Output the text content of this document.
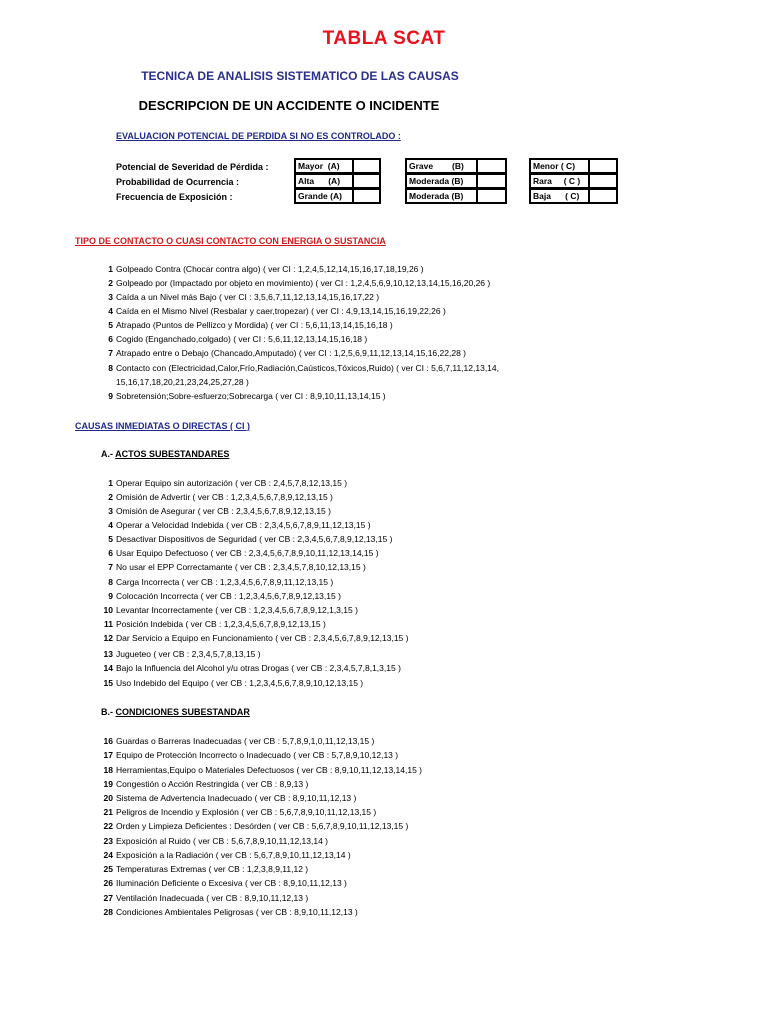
TABLA SCAT
TECNICA DE ANALISIS SISTEMATICO DE LAS CAUSAS
DESCRIPCION DE UN ACCIDENTE O INCIDENTE
EVALUACION POTENCIAL DE PERDIDA SI NO ES CONTROLADO :
Potencial de Severidad de Pérdida :	Mayor  (A)	Grave        (B)	Menor ( C)
Probabilidad de Ocurrencia :	Alta      (A)	Moderada (B)	Rara     ( C )
Frecuencia de Exposición :	Grande (A)	Moderada (B)	Baja      ( C)
TIPO DE CONTACTO O CUASI CONTACTO CON ENERGIA O SUSTANCIA
1 Golpeado Contra (Chocar contra algo) ( ver CI : 1,2,4,5,12,14,15,16,17,18,19,26 )
2 Golpeado por (Impactado por objeto en movimiento) ( ver CI : 1,2,4,5,6,9,10,12,13,14,15,16,20,26 )
3 Caída a un Nivel más Bajo ( ver CI : 3,5,6,7,11,12,13,14,15,16,17,22 )
4 Caída en el Mismo Nivel (Resbalar y caer,tropezar) ( ver CI : 4,9,13,14,15,16,19,22,26 )
5 Atrapado (Puntos de Pellizco y Mordida) ( ver CI : 5,6,11,13,14,15,16,18 )
6 Cogido (Enganchado,colgado) ( ver CI : 5,6,11,12,13,14,15,16,18 )
7 Atrapado entre o Debajo (Chancado,Amputado) ( ver CI : 1,2,5,6,9,11,12,13,14,15,16,22,28 )
8 Contacto con (Electricidad,Calor,Frío,Radiación,Caústicos,Tóxicos,Ruido) ( ver CI : 5,6,7,11,12,13,14,
15,16,17,18,20,21,23,24,25,27,28 )
9 Sobretensión;Sobre-esfuerzo;Sobrecarga ( ver CI : 8,9,10,11,13,14,15 )
CAUSAS INMEDIATAS O DIRECTAS ( CI )
A.- ACTOS SUBESTANDARES
1 Operar Equipo sin autorización ( ver CB : 2,4,5,7,8,12,13,15 )
2 Omisión de Advertir ( ver CB : 1,2,3,4,5,6,7,8,9,12,13,15 )
3 Omisión de Asegurar ( ver CB : 2,3,4,5,6,7,8,9,12,13,15 )
4 Operar a Velocidad Indebida ( ver CB : 2,3,4,5,6,7,8,9,11,12,13,15 )
5 Desactivar Dispositivos de Seguridad ( ver CB : 2,3,4,5,6,7,8,9,12,13,15 )
6 Usar Equipo Defectuoso ( ver CB : 2,3,4,5,6,7,8,9,10,11,12,13,14,15 )
7 No usar el EPP Correctamante ( ver CB : 2,3,4,5,7,8,10,12,13,15 )
8 Carga Incorrecta ( ver CB : 1,2,3,4,5,6,7,8,9,11,12,13,15 )
9 Colocación Incorrecta ( ver CB : 1,2,3,4,5,6,7,8,9,12,13,15 )
10 Levantar Incorrectamente ( ver CB : 1,2,3,4,5,6,7,8,9,12,1,3,15 )
11 Posición Indebida ( ver CB : 1,2,3,4,5,6,7,8,9,12,13,15 )
12 Dar Servicio a Equipo en Funcionamiento ( ver CB : 2,3,4,5,6,7,8,9,12,13,15 )
13 Jugueteo ( ver CB : 2,3,4,5,7,8,13,15 )
14 Bajo la Influencia del Alcohol y/u otras Drogas ( ver CB : 2,3,4,5,7,8,1,3,15 )
15 Uso Indebido del Equipo ( ver CB : 1,2,3,4,5,6,7,8,9,10,12,13,15 )
B.- CONDICIONES SUBESTANDAR
16 Guardas o Barreras Inadecuadas ( ver CB : 5,7,8,9,1,0,11,12,13,15 )
17 Equipo de Protección Incorrecto o Inadecuado ( ver CB : 5,7,8,9,10,12,13 )
18 Herramientas,Equipo o Materiales Defectuosos ( ver CB : 8,9,10,11,12,13,14,15 )
19 Congestión o Acción Restringida ( ver CB : 8,9,13 )
20 Sistema de Advertencia Inadecuado ( ver CB : 8,9,10,11,12,13 )
21 Peligros de Incendio y Explosión ( ver CB : 5,6,7,8,9,10,11,12,13,15 )
22 Orden y Limpieza Deficientes : Desórden ( ver CB : 5,6,7,8,9,10,11,12,13,15 )
23 Exposición al Ruido ( ver CB : 5,6,7,8,9,10,11,12,13,14 )
24 Exposición a la Radiación ( ver CB : 5,6,7,8,9,10,11,12,13,14 )
25 Temperaturas Extremas ( ver CB : 1,2,3,8,9,11,12 )
26 Iluminación Deficiente o Excesiva ( ver CB : 8,9,10,11,12,13 )
27 Ventilación Inadecuada ( ver CB : 8,9,10,11,12,13 )
28 Condiciones Ambientales Peligrosas ( ver CB : 8,9,10,11,12,13 )
